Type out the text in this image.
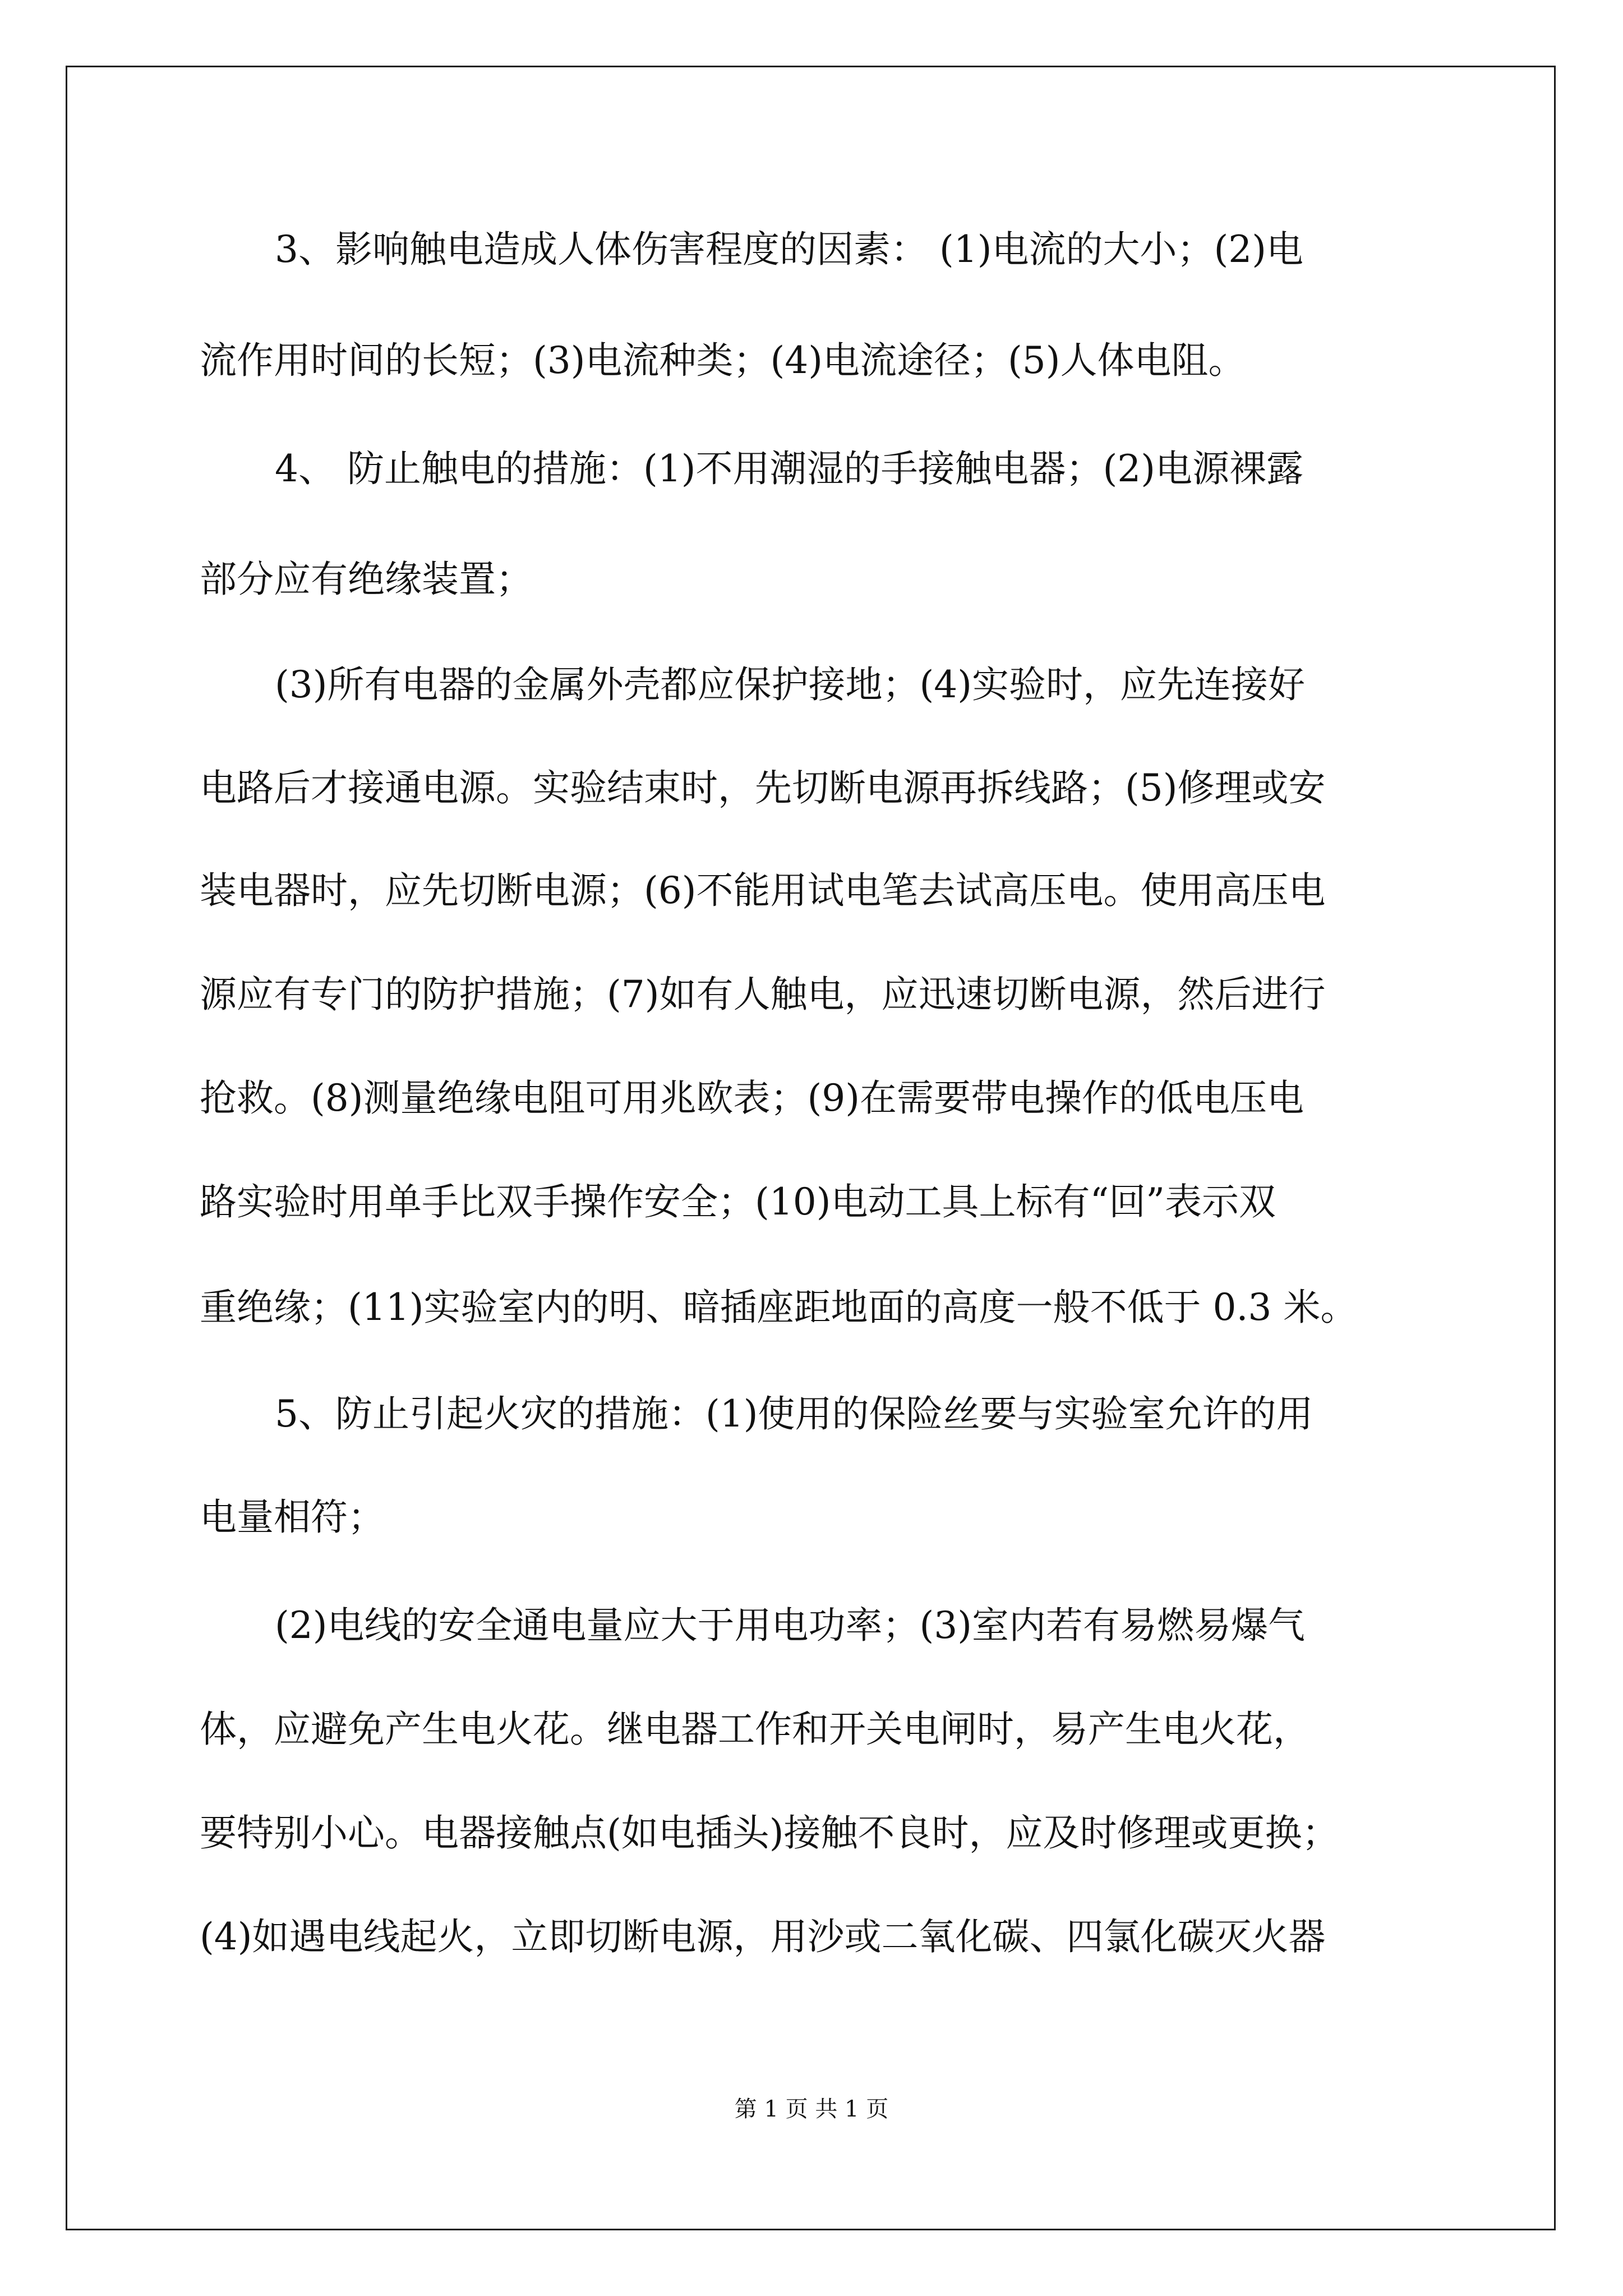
3、影响触电造成人体伤害程度的因素： (1)电流的大小；(2)电
流作用时间的长短；(3)电流种类；(4)电流途径；(5)人体电阻。
4、 防止触电的措施：(1)不用潮湿的手接触电器；(2)电源裸露
部分应有绝缘装置；
(3)所有电器的金属外壳都应保护接地；(4)实验时，应先连接好
电路后才接通电源。实验结束时，先切断电源再拆线路；(5)修理或安
装电器时，应先切断电源；(6)不能用试电笔去试高压电。使用高压电
源应有专门的防护措施；(7)如有人触电，应迅速切断电源，然后进行
抢救。(8)测量绝缘电阻可用兆欧表；(9)在需要带电操作的低电压电
路实验时用单手比双手操作安全；(10)电动工具上标有“回”表示双
重绝缘；(11)实验室内的明、暗插座距地面的高度一般不低于 0.3 米。
5、防止引起火灾的措施：(1)使用的保险丝要与实验室允许的用
电量相符；
(2)电线的安全通电量应大于用电功率；(3)室内若有易燃易爆气
体，应避免产生电火花。继电器工作和开关电闸时，易产生电火花，
要特别小心。电器接触点(如电插头)接触不良时，应及时修理或更换；
(4)如遇电线起火，立即切断电源，用沙或二氧化碳、四氯化碳灭火器
第 1 页 共 1 页
